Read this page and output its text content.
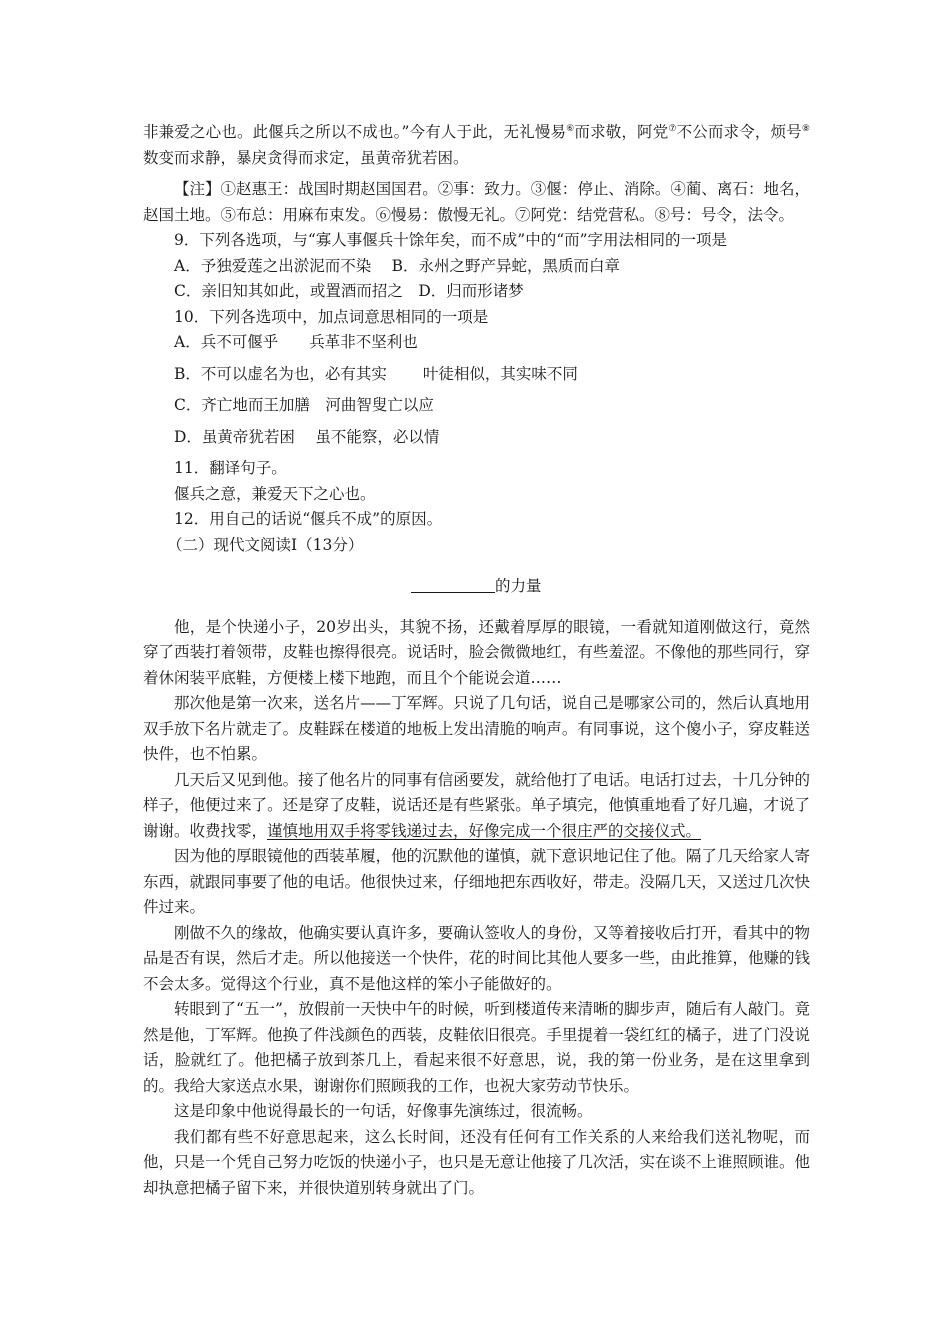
非兼爱之心也。此偃兵之所以不成也。”今有人于此，无礼慢易⑥而求敬，阿党⑦不公而求令，烦号⑧数变而求静，暴戾贪得而求定，虽黄帝犹若困。

【注】①赵惠王：战国时期赵国国君。②事：致力。③偃：停止、消除。④蔺、离石：地名，赵国土地。⑤布总：用麻布束发。⑥慢易：傲慢无礼。⑦阿党：结党营私。⑧号：号令，法令。

9．下列各选项，与“寡人事偃兵十馀年矣，而不成”中的“而”字用法相同的一项是

A．予独爱莲之出淤泥而不染　 B．永州之野产异蛇，黑质而白章

C．亲旧知其如此，或置酒而招之　D．归而形诸梦

10．下列各选项中，加点词意思相同的一项是

A．兵不可偃乎　　兵革非不坚利也

B．不可以虚名为也，必有其实　　 叶徒相似，其实味不同

C．齐亡地而王加膳　河曲智叟亡以应

D．虽黄帝犹若困　 虽不能察，必以情

11．翻译句子。

偃兵之意，兼爱天下之心也。

12．用自己的话说“偃兵不成”的原因。

（二）现代文阅读Ⅰ（13分）

的力量

他，是个快递小子，20岁出头，其貌不扬，还戴着厚厚的眼镜，一看就知道刚做这行，竟然穿了西装打着领带，皮鞋也擦得很亮。说话时，脸会微微地红，有些羞涩。不像他的那些同行，穿着休闲装平底鞋，方便楼上楼下地跑，而且个个能说会道……

那次他是第一次来，送名片——丁军辉。只说了几句话，说自己是哪家公司的，然后认真地用双手放下名片就走了。皮鞋踩在楼道的地板上发出清脆的响声。有同事说，这个傻小子，穿皮鞋送快件，也不怕累。

几天后又见到他。接了他名片的同事有信函要发，就给他打了电话。电话打过去，十几分钟的样子，他便过来了。还是穿了皮鞋，说话还是有些紧张。单子填完，他慎重地看了好几遍，才说了谢谢。收费找零，谨慎地用双手将零钱递过去，好像完成一个很庄严的交接仪式。

因为他的厚眼镜他的西装革履，他的沉默他的谨慎，就下意识地记住了他。隔了几天给家人寄东西，就跟同事要了他的电话。他很快过来，仔细地把东西收好，带走。没隔几天，又送过几次快件过来。

刚做不久的缘故，他确实要认真许多，要确认签收人的身份，又等着接收后打开，看其中的物品是否有误，然后才走。所以他接送一个快件，花的时间比其他人要多一些，由此推算，他赚的钱不会太多。觉得这个行业，真不是他这样的笨小子能做好的。

转眼到了“五一”，放假前一天快中午的时候，听到楼道传来清晰的脚步声，随后有人敲门。竟然是他，丁军辉。他换了件浅颜色的西装，皮鞋依旧很亮。手里提着一袋红红的橘子，进了门没说话，脸就红了。他把橘子放到茶几上，看起来很不好意思，说，我的第一份业务，是在这里拿到的。我给大家送点水果，谢谢你们照顾我的工作，也祝大家劳动节快乐。

这是印象中他说得最长的一句话，好像事先演练过，很流畅。

我们都有些不好意思起来，这么长时间，还没有任何有工作关系的人来给我们送礼物呢，而他，只是一个凭自己努力吃饭的快递小子，也只是无意让他接了几次活，实在谈不上谁照顾谁。他却执意把橘子留下来，并很快道别转身就出了门。
